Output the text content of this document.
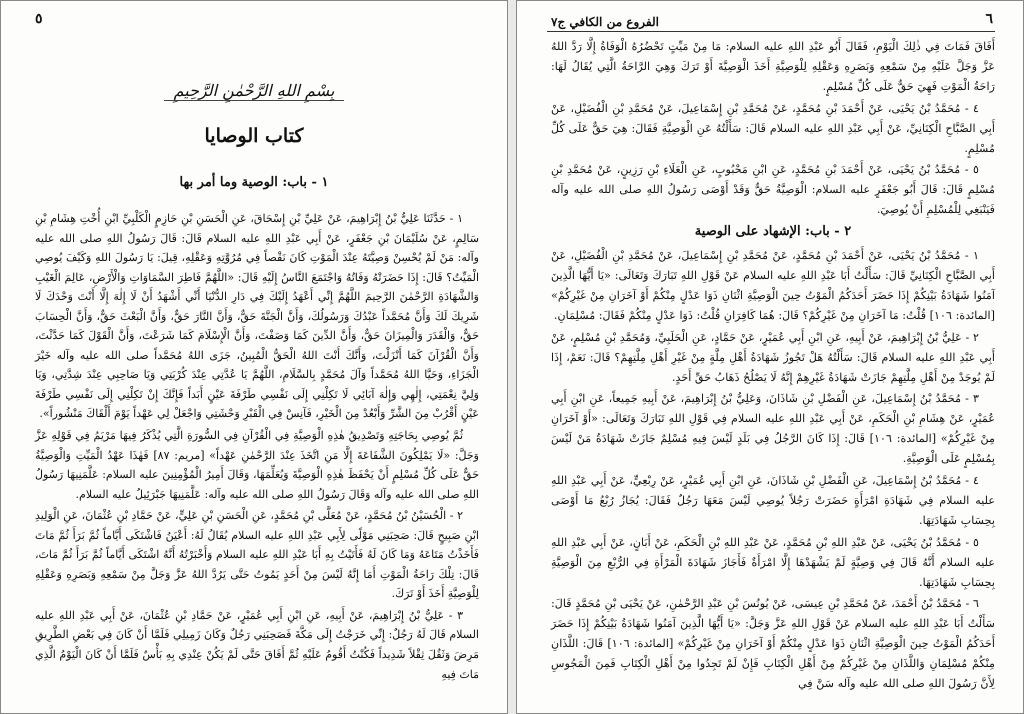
٥
بِسْمِ اللهِ الرَّحْمٰنِ الرَّحِيمِ
كتاب الوصايا
١ - باب: الوصية وما أمر بها

١ - حَدَّثَنَا عَلِيُّ بْنُ إِبْرَاهِيمَ، عَنْ عَلِيِّ بْنِ إِسْحَاقَ، عَنِ الْحَسَنِ بْنِ حَازِمٍ الْكَلْبِيِّ ابْنِ أُخْتِ هِشَامِ بْنِ سَالِمٍ، عَنْ سُلَيْمَانَ بْنِ جَعْفَرٍ، عَنْ أَبِي عَبْدِ اللهِ عليه السلام قَالَ: قَالَ رَسُولُ اللهِ صلى الله عليه وآله: مَنْ لَمْ يُحْسِنْ وَصِيَّتَهُ عِنْدَ الْمَوْتِ كَانَ نَقْصاً فِي مُرُوَّتِهِ وَعَقْلِهِ، قِيلَ: يَا رَسُولَ اللهِ وَكَيْفَ يُوصِي الْمَيِّتُ؟ قَالَ: إِذَا حَضَرَتْهُ وَفَاتُهُ وَاجْتَمَعَ النَّاسُ إِلَيْهِ قَالَ: «اللَّهُمَّ فَاطِرَ السَّمَاوَاتِ وَالْأَرْضِ، عَالِمَ الْغَيْبِ وَالشَّهَادَةِ الرَّحْمٰنَ الرَّحِيمَ اللَّهُمَّ إِنِّي أَعْهَدُ إِلَيْكَ فِي دَارِ الدُّنْيَا أَنِّي أَشْهَدُ أَنْ لَا إِلٰهَ إِلَّا أَنْتَ وَحْدَكَ لَا شَرِيكَ لَكَ وَأَنَّ مُحَمَّداً عَبْدُكَ وَرَسُولُكَ، وَأَنَّ الْجَنَّةَ حَقٌّ، وَأَنَّ النَّارَ حَقٌّ، وَأَنَّ الْبَعْثَ حَقٌّ، وَأَنَّ الْحِسَابَ حَقٌّ، وَالْقَدَرَ وَالْمِيزَانَ حَقٌّ، وَأَنَّ الدِّينَ كَمَا وَصَفْتَ، وَأَنَّ الْإِسْلَامَ كَمَا شَرَعْتَ، وَأَنَّ الْقَوْلَ كَمَا حَدَّثْتَ، وَأَنَّ الْقُرْآنَ كَمَا أَنْزَلْتَ، وَأَنَّكَ أَنْتَ اللهُ الْحَقُّ الْمُبِينُ، جَزَى اللهُ مُحَمَّداً صلى الله عليه وآله خَيْرَ الْجَزَاءِ، وَحَيَّا اللهُ مُحَمَّداً وَآلَ مُحَمَّدٍ بِالسَّلَامِ، اللَّهُمَّ يَا عُدَّتِي عِنْدَ كُرْبَتِي وَيَا صَاحِبِي عِنْدَ شِدَّتِي، وَيَا وَلِيَّ نِعْمَتِي، إِلٰهِي وَإِلٰهَ آبَائِي لَا تَكِلْنِي إِلَى نَفْسِي طَرْفَةَ عَيْنٍ أَبَداً فَإِنَّكَ إِنْ تَكِلْنِي إِلَى نَفْسِي طَرْفَةَ عَيْنٍ أَقْرُبْ مِنَ الشَّرِّ وَأَبْعُدْ مِنَ الْخَيْرِ، فَآنِسْ فِي الْقَبْرِ وَحْشَتِي وَاجْعَلْ لِي عَهْداً يَوْمَ أَلْقَاكَ مَنْشُوراً».

ثُمَّ يُوصِي بِحَاجَتِهِ وَتَصْدِيقُ هٰذِهِ الْوَصِيَّةِ فِي الْقُرْآنِ فِي السُّورَةِ الَّتِي يُذْكَرُ فِيهَا مَرْيَمُ فِي قَوْلِهِ عَزَّ وَجَلَّ: «لَا يَمْلِكُونَ الشَّفَاعَةَ إِلَّا مَنِ اتَّخَذَ عِنْدَ الرَّحْمٰنِ عَهْداً» [مريم: ٨٧] فَهٰذَا عَهْدُ الْمَيِّتِ وَالْوَصِيَّةُ حَقٌّ عَلَى كُلِّ مُسْلِمٍ أَنْ يَحْفَظَ هٰذِهِ الْوَصِيَّةَ وَيُعَلِّمَهَا، وَقَالَ أَمِيرُ الْمُؤْمِنِينَ عليه السلام: عَلَّمَنِيهَا رَسُولُ اللهِ صلى الله عليه وآله وَقَالَ رَسُولُ اللهِ صلى الله عليه وآله: عَلَّمَنِيهَا جَبْرَئِيلُ عليه السلام.

٢ - الْحُسَيْنُ بْنُ مُحَمَّدٍ، عَنْ مُعَلَّى بْنِ مُحَمَّدٍ، عَنِ الْحَسَنِ بْنِ عَلِيٍّ، عَنْ حَمَّادِ بْنِ عُثْمَانَ، عَنِ الْوَلِيدِ ابْنِ صَبِيحٍ قَالَ: صَحِبَنِي مَوْلًى لِأَبِي عَبْدِ اللهِ عليه السلام يُقَالُ لَهُ: أَعْيَنُ فَاشْتَكَى أَيَّاماً ثُمَّ بَرَأَ ثُمَّ مَاتَ فَأَخَذْتُ مَتَاعَهُ وَمَا كَانَ لَهُ فَأَتَيْتُ بِهِ أَبَا عَبْدِ اللهِ عليه السلام وَأَخْبَرْتُهُ أَنَّهُ اشْتَكَى أَيَّاماً ثُمَّ بَرَأَ ثُمَّ مَاتَ، قَالَ: تِلْكَ رَاحَةُ الْمَوْتِ أَمَا إِنَّهُ لَيْسَ مِنْ أَحَدٍ يَمُوتُ حَتَّى يَرُدَّ اللهُ عَزَّ وَجَلَّ مِنْ سَمْعِهِ وَبَصَرِهِ وَعَقْلِهِ لِلْوَصِيَّةِ أَخَذَ أَوْ تَرَكَ.

٣ - عَلِيُّ بْنُ إِبْرَاهِيمَ، عَنْ أَبِيهِ، عَنِ ابْنِ أَبِي عُمَيْرٍ، عَنْ حَمَّادِ بْنِ عُثْمَانَ، عَنْ أَبِي عَبْدِ اللهِ عليه السلام قَالَ لَهُ رَجُلٌ: إِنِّي خَرَجْتُ إِلَى مَكَّةَ فَصَحِبَنِي رَجُلٌ وَكَانَ زَمِيلِي فَلَمَّا أَنْ كَانَ فِي بَعْضِ الطَّرِيقِ مَرِضَ وَثَقُلَ ثِقْلاً شَدِيداً فَكُنْتُ أَقُومُ عَلَيْهِ ثُمَّ أَفَاقَ حَتَّى لَمْ يَكُنْ عِنْدِي بِهِ بَأْسٌ فَلَمَّا أَنْ كَانَ الْيَوْمُ الَّذِي مَاتَ فِيهِ

٦
الفروع من الكافي ج٧

أَفَاقَ فَمَاتَ فِي ذٰلِكَ الْيَوْمِ، فَقَالَ أَبُو عَبْدِ اللهِ عليه السلام: مَا مِنْ مَيِّتٍ تَحْضُرُهُ الْوَفَاةُ إِلَّا رَدَّ اللهُ عَزَّ وَجَلَّ عَلَيْهِ مِنْ سَمْعِهِ وَبَصَرِهِ وَعَقْلِهِ لِلْوَصِيَّةِ أَخَذَ الْوَصِيَّةَ أَوْ تَرَكَ وَهِيَ الرَّاحَةُ الَّتِي يُقَالُ لَهَا: رَاحَةُ الْمَوْتِ فَهِيَ حَقٌّ عَلَى كُلِّ مُسْلِمٍ.

٤ - مُحَمَّدُ بْنُ يَحْيَى، عَنْ أَحْمَدَ بْنِ مُحَمَّدٍ، عَنْ مُحَمَّدِ بْنِ إِسْمَاعِيلَ، عَنْ مُحَمَّدِ بْنِ الْفُضَيْلِ، عَنْ أَبِي الصَّبَّاحِ الْكِنَانِيِّ، عَنْ أَبِي عَبْدِ اللهِ عليه السلام قَالَ: سَأَلْتُهُ عَنِ الْوَصِيَّةِ فَقَالَ: هِيَ حَقٌّ عَلَى كُلِّ مُسْلِمٍ.

٥ - مُحَمَّدُ بْنُ يَحْيَى، عَنْ أَحْمَدَ بْنِ مُحَمَّدٍ، عَنِ ابْنِ مَحْبُوبٍ، عَنِ الْعَلَاءِ بْنِ رَزِينٍ، عَنْ مُحَمَّدِ بْنِ مُسْلِمٍ قَالَ: قَالَ أَبُو جَعْفَرٍ عليه السلام: الْوَصِيَّةُ حَقٌّ وَقَدْ أَوْصَى رَسُولُ اللهِ صلى الله عليه وآله فَيَنْبَغِي لِلْمُسْلِمِ أَنْ يُوصِيَ.

٢ - باب: الإشهاد على الوصية

١ - مُحَمَّدُ بْنُ يَحْيَى، عَنْ أَحْمَدَ بْنِ مُحَمَّدٍ، عَنْ مُحَمَّدِ بْنِ إِسْمَاعِيلَ، عَنْ مُحَمَّدِ بْنِ الْفُضَيْلِ، عَنْ أَبِي الصَّبَّاحِ الْكِنَانِيِّ قَالَ: سَأَلْتُ أَبَا عَبْدِ اللهِ عليه السلام عَنْ قَوْلِ اللهِ تَبَارَكَ وَتَعَالَى: «يَا أَيُّهَا الَّذِينَ آمَنُوا شَهَادَةُ بَيْنِكُمْ إِذَا حَضَرَ أَحَدَكُمُ الْمَوْتُ حِينَ الْوَصِيَّةِ اثْنَانِ ذَوَا عَدْلٍ مِنْكُمْ أَوْ آخَرَانِ مِنْ غَيْرِكُمْ» [المائدة: ١٠٦] قُلْتُ: مَا آخَرَانِ مِنْ غَيْرِكُمْ؟ قَالَ: هُمَا كَافِرَانِ قُلْتُ: ذَوَا عَدْلٍ مِنْكُمْ فَقَالَ: مُسْلِمَانِ.

٢ - عَلِيُّ بْنُ إِبْرَاهِيمَ، عَنْ أَبِيهِ، عَنِ ابْنِ أَبِي عُمَيْرٍ، عَنْ حَمَّادٍ، عَنِ الْحَلَبِيِّ، وَمُحَمَّدِ بْنِ مُسْلِمٍ، عَنْ أَبِي عَبْدِ اللهِ عليه السلام قَالَ: سَأَلْتُهُ هَلْ تَجُوزُ شَهَادَةُ أَهْلِ مِلَّةٍ مِنْ غَيْرِ أَهْلِ مِلَّتِهِمْ؟ قَالَ: نَعَمْ، إِذَا لَمْ يُوجَدْ مِنْ أَهْلِ مِلَّتِهِمْ جَازَتْ شَهَادَةُ غَيْرِهِمْ إِنَّهُ لَا يَصْلُحُ ذَهَابُ حَقِّ أَحَدٍ.

٣ - مُحَمَّدُ بْنُ إِسْمَاعِيلَ، عَنِ الْفَضْلِ بْنِ شَاذَانَ، وَعَلِيُّ بْنُ إِبْرَاهِيمَ، عَنْ أَبِيهِ جَمِيعاً، عَنِ ابْنِ أَبِي عُمَيْرٍ، عَنْ هِشَامِ بْنِ الْحَكَمِ، عَنْ أَبِي عَبْدِ اللهِ عليه السلام فِي قَوْلِ اللهِ تَبَارَكَ وَتَعَالَى: «أَوْ آخَرَانِ مِنْ غَيْرِكُمْ» [المائدة: ١٠٦] قَالَ: إِذَا كَانَ الرَّجُلُ فِي بَلَدٍ لَيْسَ فِيهِ مُسْلِمٌ جَازَتْ شَهَادَةُ مَنْ لَيْسَ بِمُسْلِمٍ عَلَى الْوَصِيَّةِ.

٤ - مُحَمَّدُ بْنُ إِسْمَاعِيلَ، عَنِ الْفَضْلِ بْنِ شَاذَانَ، عَنِ ابْنِ أَبِي عُمَيْرٍ، عَنْ رِبْعِيٍّ، عَنْ أَبِي عَبْدِ اللهِ عليه السلام فِي شَهَادَةِ امْرَأَةٍ حَضَرَتْ رَجُلاً يُوصِي لَيْسَ مَعَهَا رَجُلٌ فَقَالَ: يُجَازُ رُبْعُ مَا أَوْصَى بِحِسَابِ شَهَادَتِهَا.

٥ - مُحَمَّدُ بْنُ يَحْيَى، عَنْ عَبْدِ اللهِ بْنِ مُحَمَّدٍ، عَنْ عَبْدِ اللهِ بْنِ الْحَكَمِ، عَنْ أَبَانٍ، عَنْ أَبِي عَبْدِ اللهِ عليه السلام أَنَّهُ قَالَ فِي وَصِيَّةٍ لَمْ يَشْهَدْهَا إِلَّا امْرَأَةٌ فَأَجَازَ شَهَادَةَ الْمَرْأَةِ فِي الرُّبْعِ مِنَ الْوَصِيَّةِ بِحِسَابِ شَهَادَتِهَا.

٦ - مُحَمَّدُ بْنُ أَحْمَدَ، عَنْ مُحَمَّدِ بْنِ عِيسَى، عَنْ يُونُسَ بْنِ عَبْدِ الرَّحْمٰنِ، عَنْ يَحْيَى بْنِ مُحَمَّدٍ قَالَ: سَأَلْتُ أَبَا عَبْدِ اللهِ عليه السلام عَنْ قَوْلِ اللهِ عَزَّ وَجَلَّ: «يَا أَيُّهَا الَّذِينَ آمَنُوا شَهَادَةُ بَيْنِكُمْ إِذَا حَضَرَ أَحَدَكُمُ الْمَوْتُ حِينَ الْوَصِيَّةِ اثْنَانِ ذَوَا عَدْلٍ مِنْكُمْ أَوْ آخَرَانِ مِنْ غَيْرِكُمْ» [المائدة: ١٠٦] قَالَ: اللَّذَانِ مِنْكُمْ مُسْلِمَانِ وَاللَّذَانِ مِنْ غَيْرِكُمْ مِنْ أَهْلِ الْكِتَابِ فَإِنْ لَمْ تَجِدُوا مِنْ أَهْلِ الْكِتَابِ فَمِنَ الْمَجُوسِ لِأَنَّ رَسُولَ اللهِ صلى الله عليه وآله سَنَّ فِي
